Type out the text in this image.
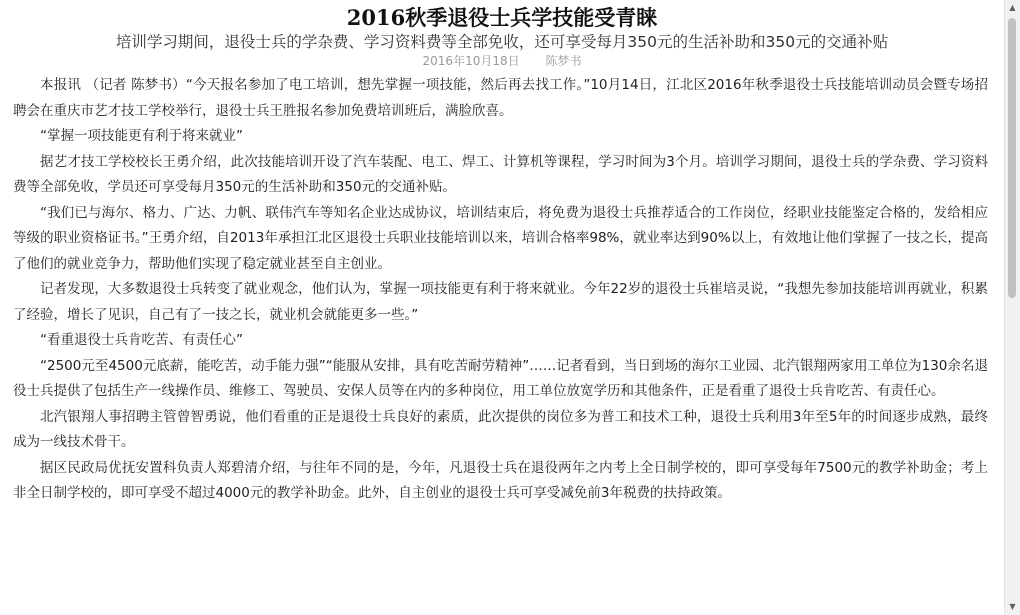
2016秋季退役士兵学技能受青睐

培训学习期间，退役士兵的学杂费、学习资料费等全部免收，还可享受每月350元的生活补助和350元的交通补贴

2016年10月18日 陈梦书

本报讯 （记者 陈梦书）“今天报名参加了电工培训，想先掌握一项技能，然后再去找工作。”10月14日，江北区2016年秋季退役士兵技能培训动员会暨专场招聘会在重庆市艺才技工学校举行，退役士兵王胜报名参加免费培训班后，满脸欣喜。

“掌握一项技能更有利于将来就业”

据艺才技工学校校长王勇介绍，此次技能培训开设了汽车装配、电工、焊工、计算机等课程，学习时间为3个月。培训学习期间，退役士兵的学杂费、学习资料费等全部免收，学员还可享受每月350元的生活补助和350元的交通补贴。

“我们已与海尔、格力、广达、力帆、联伟汽车等知名企业达成协议，培训结束后，将免费为退役士兵推荐适合的工作岗位，经职业技能鉴定合格的，发给相应等级的职业资格证书。”王勇介绍，自2013年承担江北区退役士兵职业技能培训以来，培训合格率98%，就业率达到90%以上，有效地让他们掌握了一技之长，提高了他们的就业竞争力，帮助他们实现了稳定就业甚至自主创业。

记者发现，大多数退役士兵转变了就业观念，他们认为，掌握一项技能更有利于将来就业。今年22岁的退役士兵崔培灵说，“我想先参加技能培训再就业，积累了经验，增长了见识，自己有了一技之长，就业机会就能更多一些。”

“看重退役士兵肯吃苦、有责任心”

“2500元至4500元底薪，能吃苦，动手能力强”“能服从安排，具有吃苦耐劳精神”……记者看到，当日到场的海尔工业园、北汽银翔两家用工单位为130余名退役士兵提供了包括生产一线操作员、维修工、驾驶员、安保人员等在内的多种岗位，用工单位放宽学历和其他条件，正是看重了退役士兵肯吃苦、有责任心。

北汽银翔人事招聘主管曾智勇说，他们看重的正是退役士兵良好的素质，此次提供的岗位多为普工和技术工种，退役士兵利用3年至5年的时间逐步成熟，最终成为一线技术骨干。

据区民政局优抚安置科负责人郑碧清介绍，与往年不同的是，今年，凡退役士兵在退役两年之内考上全日制学校的，即可享受每年7500元的教学补助金；考上非全日制学校的，即可享受不超过4000元的教学补助金。此外，自主创业的退役士兵可享受减免前3年税费的扶持政策。

▲
▼
